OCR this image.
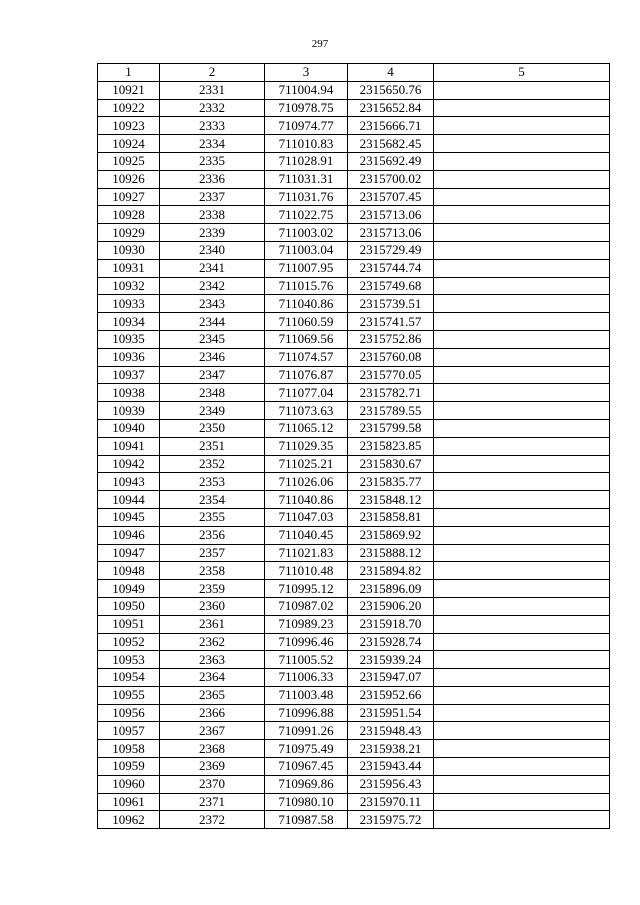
297
1	2	3	4	5
10921	2331	711004.94	2315650.76	
10922	2332	710978.75	2315652.84	
10923	2333	710974.77	2315666.71	
10924	2334	711010.83	2315682.45	
10925	2335	711028.91	2315692.49	
10926	2336	711031.31	2315700.02	
10927	2337	711031.76	2315707.45	
10928	2338	711022.75	2315713.06	
10929	2339	711003.02	2315713.06	
10930	2340	711003.04	2315729.49	
10931	2341	711007.95	2315744.74	
10932	2342	711015.76	2315749.68	
10933	2343	711040.86	2315739.51	
10934	2344	711060.59	2315741.57	
10935	2345	711069.56	2315752.86	
10936	2346	711074.57	2315760.08	
10937	2347	711076.87	2315770.05	
10938	2348	711077.04	2315782.71	
10939	2349	711073.63	2315789.55	
10940	2350	711065.12	2315799.58	
10941	2351	711029.35	2315823.85	
10942	2352	711025.21	2315830.67	
10943	2353	711026.06	2315835.77	
10944	2354	711040.86	2315848.12	
10945	2355	711047.03	2315858.81	
10946	2356	711040.45	2315869.92	
10947	2357	711021.83	2315888.12	
10948	2358	711010.48	2315894.82	
10949	2359	710995.12	2315896.09	
10950	2360	710987.02	2315906.20	
10951	2361	710989.23	2315918.70	
10952	2362	710996.46	2315928.74	
10953	2363	711005.52	2315939.24	
10954	2364	711006.33	2315947.07	
10955	2365	711003.48	2315952.66	
10956	2366	710996.88	2315951.54	
10957	2367	710991.26	2315948.43	
10958	2368	710975.49	2315938.21	
10959	2369	710967.45	2315943.44	
10960	2370	710969.86	2315956.43	
10961	2371	710980.10	2315970.11	
10962	2372	710987.58	2315975.72	
